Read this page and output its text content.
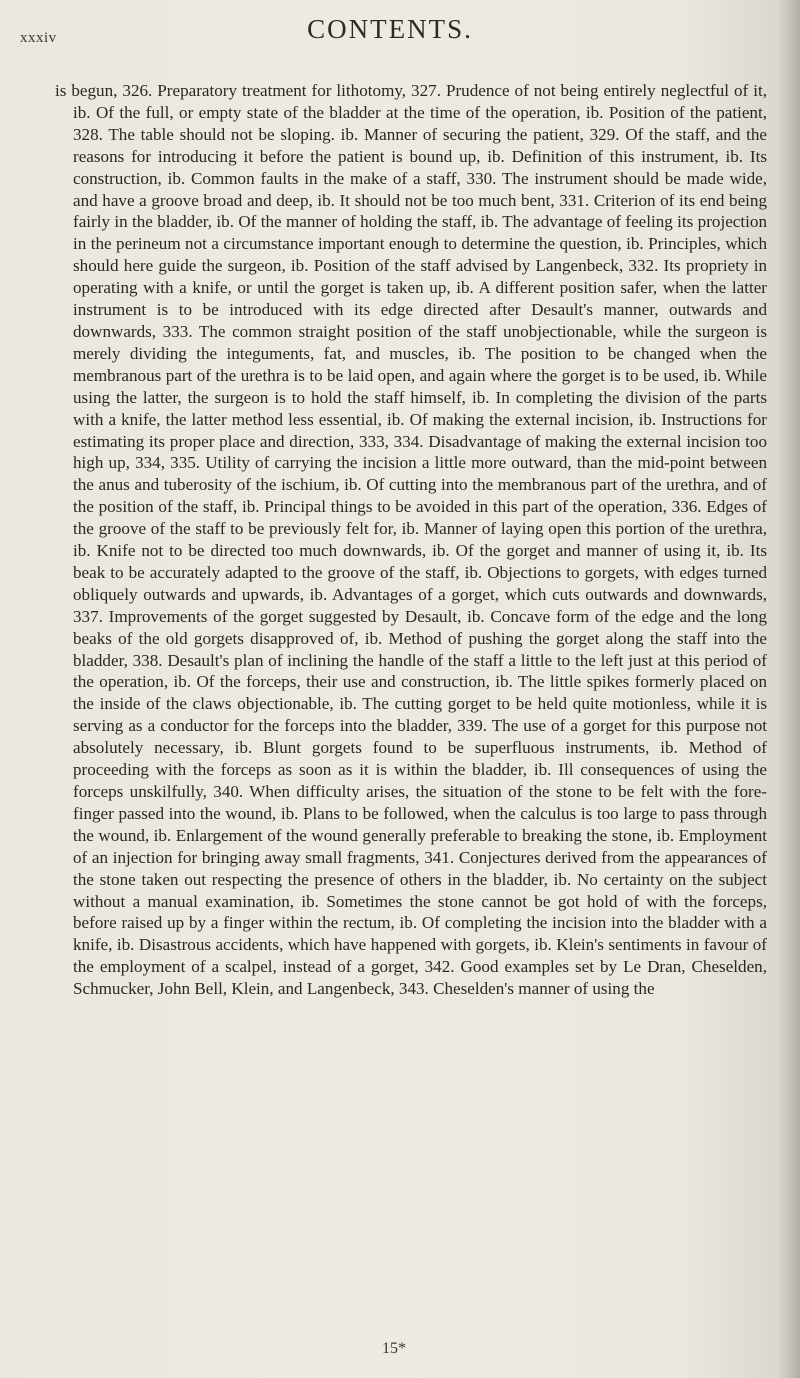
xxxiv	CONTENTS.
is begun, 326. Preparatory treatment for lithotomy, 327. Prudence of not being entirely neglectful of it, ib. Of the full, or empty state of the bladder at the time of the operation, ib. Position of the patient, 328. The table should not be sloping. ib. Manner of securing the patient, 329. Of the staff, and the reasons for introducing it before the patient is bound up, ib. Definition of this instrument, ib. Its construction, ib. Common faults in the make of a staff, 330. The instrument should be made wide, and have a groove broad and deep, ib. It should not be too much bent, 331. Criterion of its end being fairly in the bladder, ib. Of the manner of holding the staff, ib. The advantage of feeling its projection in the perineum not a circumstance important enough to determine the question, ib. Principles, which should here guide the surgeon, ib. Position of the staff advised by Langenbeck, 332. Its propriety in operating with a knife, or until the gorget is taken up, ib. A different position safer, when the latter instrument is to be introduced with its edge directed after Desault's manner, outwards and downwards, 333. The common straight position of the staff unobjectionable, while the surgeon is merely dividing the integuments, fat, and muscles, ib. The position to be changed when the membranous part of the urethra is to be laid open, and again where the gorget is to be used, ib. While using the latter, the surgeon is to hold the staff himself, ib. In completing the division of the parts with a knife, the latter method less essential, ib. Of making the external incision, ib. Instructions for estimating its proper place and direction, 333, 334. Disadvantage of making the external incision too high up, 334, 335. Utility of carrying the incision a little more outward, than the mid-point between the anus and tuberosity of the ischium, ib. Of cutting into the membranous part of the urethra, and of the position of the staff, ib. Principal things to be avoided in this part of the operation, 336. Edges of the groove of the staff to be previously felt for, ib. Manner of laying open this portion of the urethra, ib. Knife not to be directed too much downwards, ib. Of the gorget and manner of using it, ib. Its beak to be accurately adapted to the groove of the staff, ib. Objections to gorgets, with edges turned obliquely outwards and upwards, ib. Advantages of a gorget, which cuts outwards and downwards, 337. Improvements of the gorget suggested by Desault, ib. Concave form of the edge and the long beaks of the old gorgets disapproved of, ib. Method of pushing the gorget along the staff into the bladder, 338. Desault's plan of inclining the handle of the staff a little to the left just at this period of the operation, ib. Of the forceps, their use and construction, ib. The little spikes formerly placed on the inside of the claws objectionable, ib. The cutting gorget to be held quite motionless, while it is serving as a conductor for the forceps into the bladder, 339. The use of a gorget for this purpose not absolutely necessary, ib. Blunt gorgets found to be superfluous instruments, ib. Method of proceeding with the forceps as soon as it is within the bladder, ib. Ill consequences of using the forceps unskilfully, 340. When difficulty arises, the situation of the stone to be felt with the fore-finger passed into the wound, ib. Plans to be followed, when the calculus is too large to pass through the wound, ib. Enlargement of the wound generally preferable to breaking the stone, ib. Employment of an injection for bringing away small fragments, 341. Conjectures derived from the appearances of the stone taken out respecting the presence of others in the bladder, ib. No certainty on the subject without a manual examination, ib. Sometimes the stone cannot be got hold of with the forceps, before raised up by a finger within the rectum, ib. Of completing the incision into the bladder with a knife, ib. Disastrous accidents, which have happened with gorgets, ib. Klein's sentiments in favour of the employment of a scalpel, instead of a gorget, 342. Good examples set by Le Dran, Cheselden, Schmucker, John Bell, Klein, and Langenbeck, 343. Cheselden's manner of using the
15*
